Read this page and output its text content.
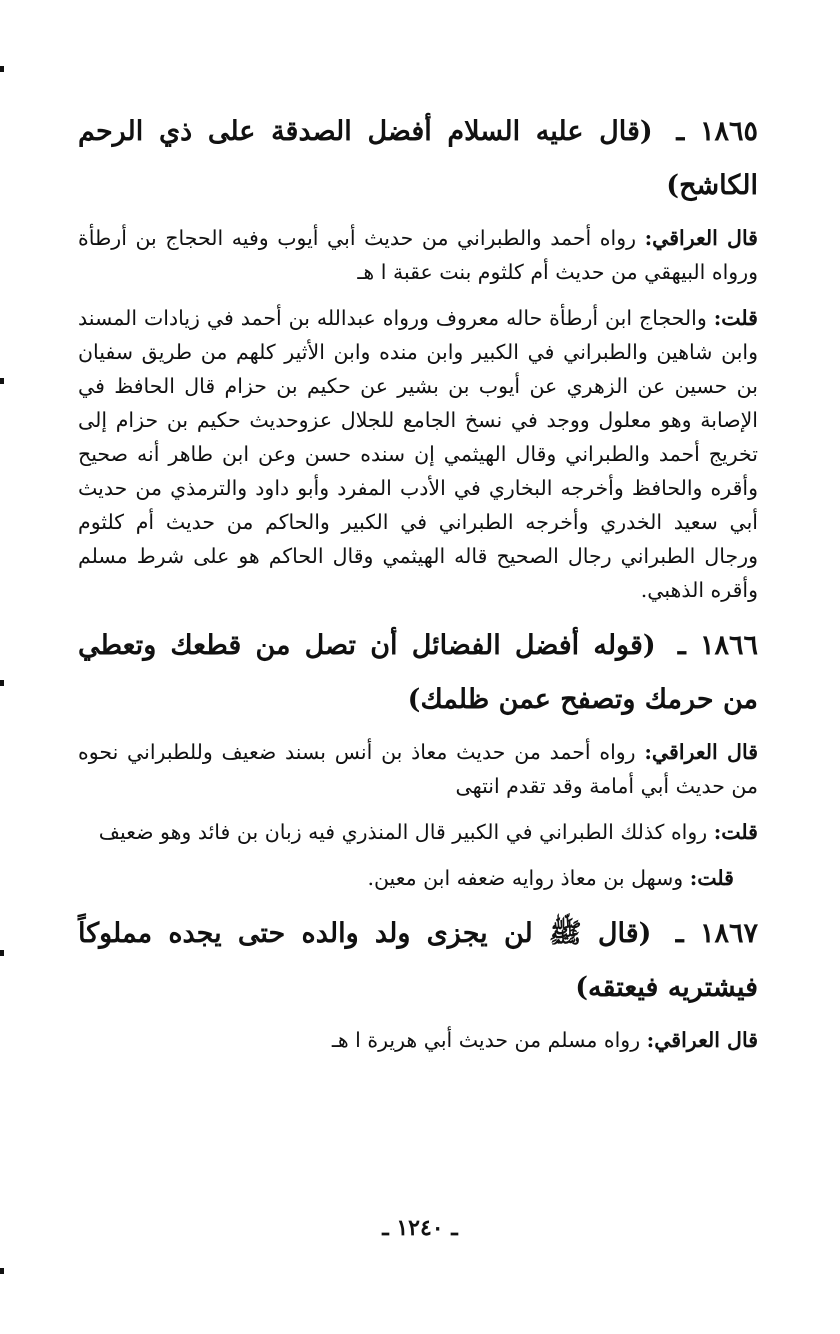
١٨٦٥ ـ (قال عليه السلام أفضل الصدقة على ذي الرحم الكاشح)

قال العراقي: رواه أحمد والطبراني من حديث أبي أيوب وفيه الحجاج بن أرطأة ورواه البيهقي من حديث أم كلثوم بنت عقبة ا هـ

قلت: والحجاج ابن أرطأة حاله معروف ورواه عبدالله بن أحمد في زيادات المسند وابن شاهين والطبراني في الكبير وابن منده وابن الأثير كلهم من طريق سفيان بن حسين عن الزهري عن أيوب بن بشير عن حكيم بن حزام قال الحافظ في الإصابة وهو معلول ووجد في نسخ الجامع للجلال عزوحديث حكيم بن حزام إلى تخريج أحمد والطبراني وقال الهيثمي إن سنده حسن وعن ابن طاهر أنه صحيح وأقره والحافظ وأخرجه البخاري في الأدب المفرد وأبو داود والترمذي من حديث أبي سعيد الخدري وأخرجه الطبراني في الكبير والحاكم من حديث أم كلثوم ورجال الطبراني رجال الصحيح قاله الهيثمي وقال الحاكم هو على شرط مسلم وأقره الذهبي.

١٨٦٦ ـ (قوله أفضل الفضائل أن تصل من قطعك وتعطي من حرمك وتصفح عمن ظلمك)

قال العراقي: رواه أحمد من حديث معاذ بن أنس بسند ضعيف وللطبراني نحوه من حديث أبي أمامة وقد تقدم انتهى

قلت: رواه كذلك الطبراني في الكبير قال المنذري فيه زبان بن فائد وهو ضعيف

قلت: وسهل بن معاذ روايه ضعفه ابن معين.

١٨٦٧ ـ (قال ﷺ لن يجزى ولد والده حتى يجده مملوكاً فيشتريه فيعتقه)

قال العراقي: رواه مسلم من حديث أبي هريرة ا هـ

ـ ١٢٤٠ ـ
